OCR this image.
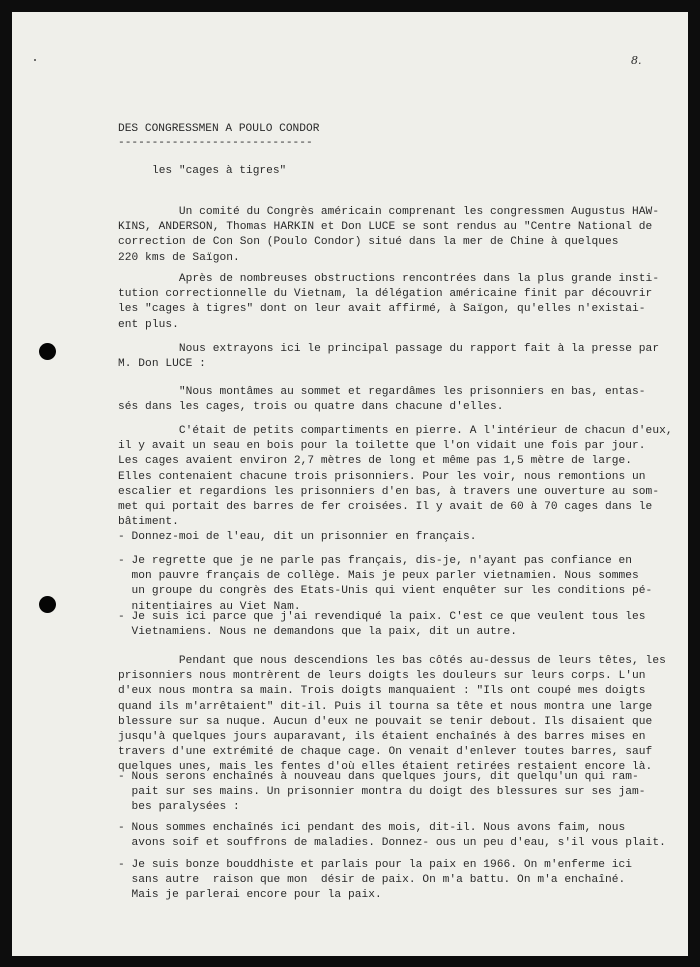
8.
DES CONGRESSMEN A POULO CONDOR
-----------------------------
les "cages à tigres"
Un comité du Congrès américain comprenant les congressmen Augustus HAW-
KINS, ANDERSON, Thomas HARKIN et Don LUCE se sont rendus au "Centre National de
correction de Con Son (Poulo Condor) situé dans la mer de Chine à quelques
220 kms de Saïgon.
Après de nombreuses obstructions rencontrées dans la plus grande insti-
tution correctionnelle du Vietnam, la délégation américaine finit par découvrir
les "cages à tigres" dont on leur avait affirmé, à Saïgon, qu'elles n'existai-
ent plus.
Nous extrayons ici le principal passage du rapport fait à la presse par
M. Don LUCE :
"Nous montâmes au sommet et regardâmes les prisonniers en bas, entas-
sés dans les cages, trois ou quatre dans chacune d'elles.
C'était de petits compartiments en pierre. A l'intérieur de chacun d'eux,
il y avait un seau en bois pour la toilette que l'on vidait une fois par jour.
Les cages avaient environ 2,7 mètres de long et même pas 1,5 mètre de large.
Elles contenaient chacune trois prisonniers. Pour les voir, nous remontions un
escalier et regardions les prisonniers d'en bas, à travers une ouverture au som-
met qui portait des barres de fer croisées. Il y avait de 60 à 70 cages dans le
bâtiment.
- Donnez-moi de l'eau, dit un prisonnier en français.
- Je regrette que je ne parle pas français, dis-je, n'ayant pas confiance en
mon pauvre français de collège. Mais je peux parler vietnamien. Nous sommes
un groupe du congrès des Etats-Unis qui vient enquêter sur les conditions pé-
nitentiaires au Viet Nam.
- Je suis ici parce que j'ai revendiqué la paix. C'est ce que veulent tous les
Vietnamiens. Nous ne demandons que la paix, dit un autre.
Pendant que nous descendions les bas côtés au-dessus de leurs têtes, les
prisonniers nous montrèrent de leurs doigts les douleurs sur leurs corps. L'un
d'eux nous montra sa main. Trois doigts manquaient : "Ils ont coupé mes doigts
quand ils m'arrêtaient" dit-il. Puis il tourna sa tête et nous montra une large
blessure sur sa nuque. Aucun d'eux ne pouvait se tenir debout. Ils disaient que
jusqu'à quelques jours auparavant, ils étaient enchaînés à des barres mises en
travers d'une extrémité de chaque cage. On venait d'enlever toutes barres, sauf
quelques unes, mais les fentes d'où elles étaient retirées restaient encore là.
- Nous serons enchaînés à nouveau dans quelques jours, dit quelqu'un qui ram-
pait sur ses mains. Un prisonnier montra du doigt des blessures sur ses jam-
bes paralysées :
- Nous sommes enchaînés ici pendant des mois, dit-il. Nous avons faim, nous
avons soif et souffrons de maladies. Donnez- ous un peu d'eau, s'il vous plait.
- Je suis bonze bouddhiste et parlais pour la paix en 1966. On m'enferme ici
sans autre  raison que mon  désir de paix. On m'a battu. On m'a enchaîné.
Mais je parlerai encore pour la paix.
